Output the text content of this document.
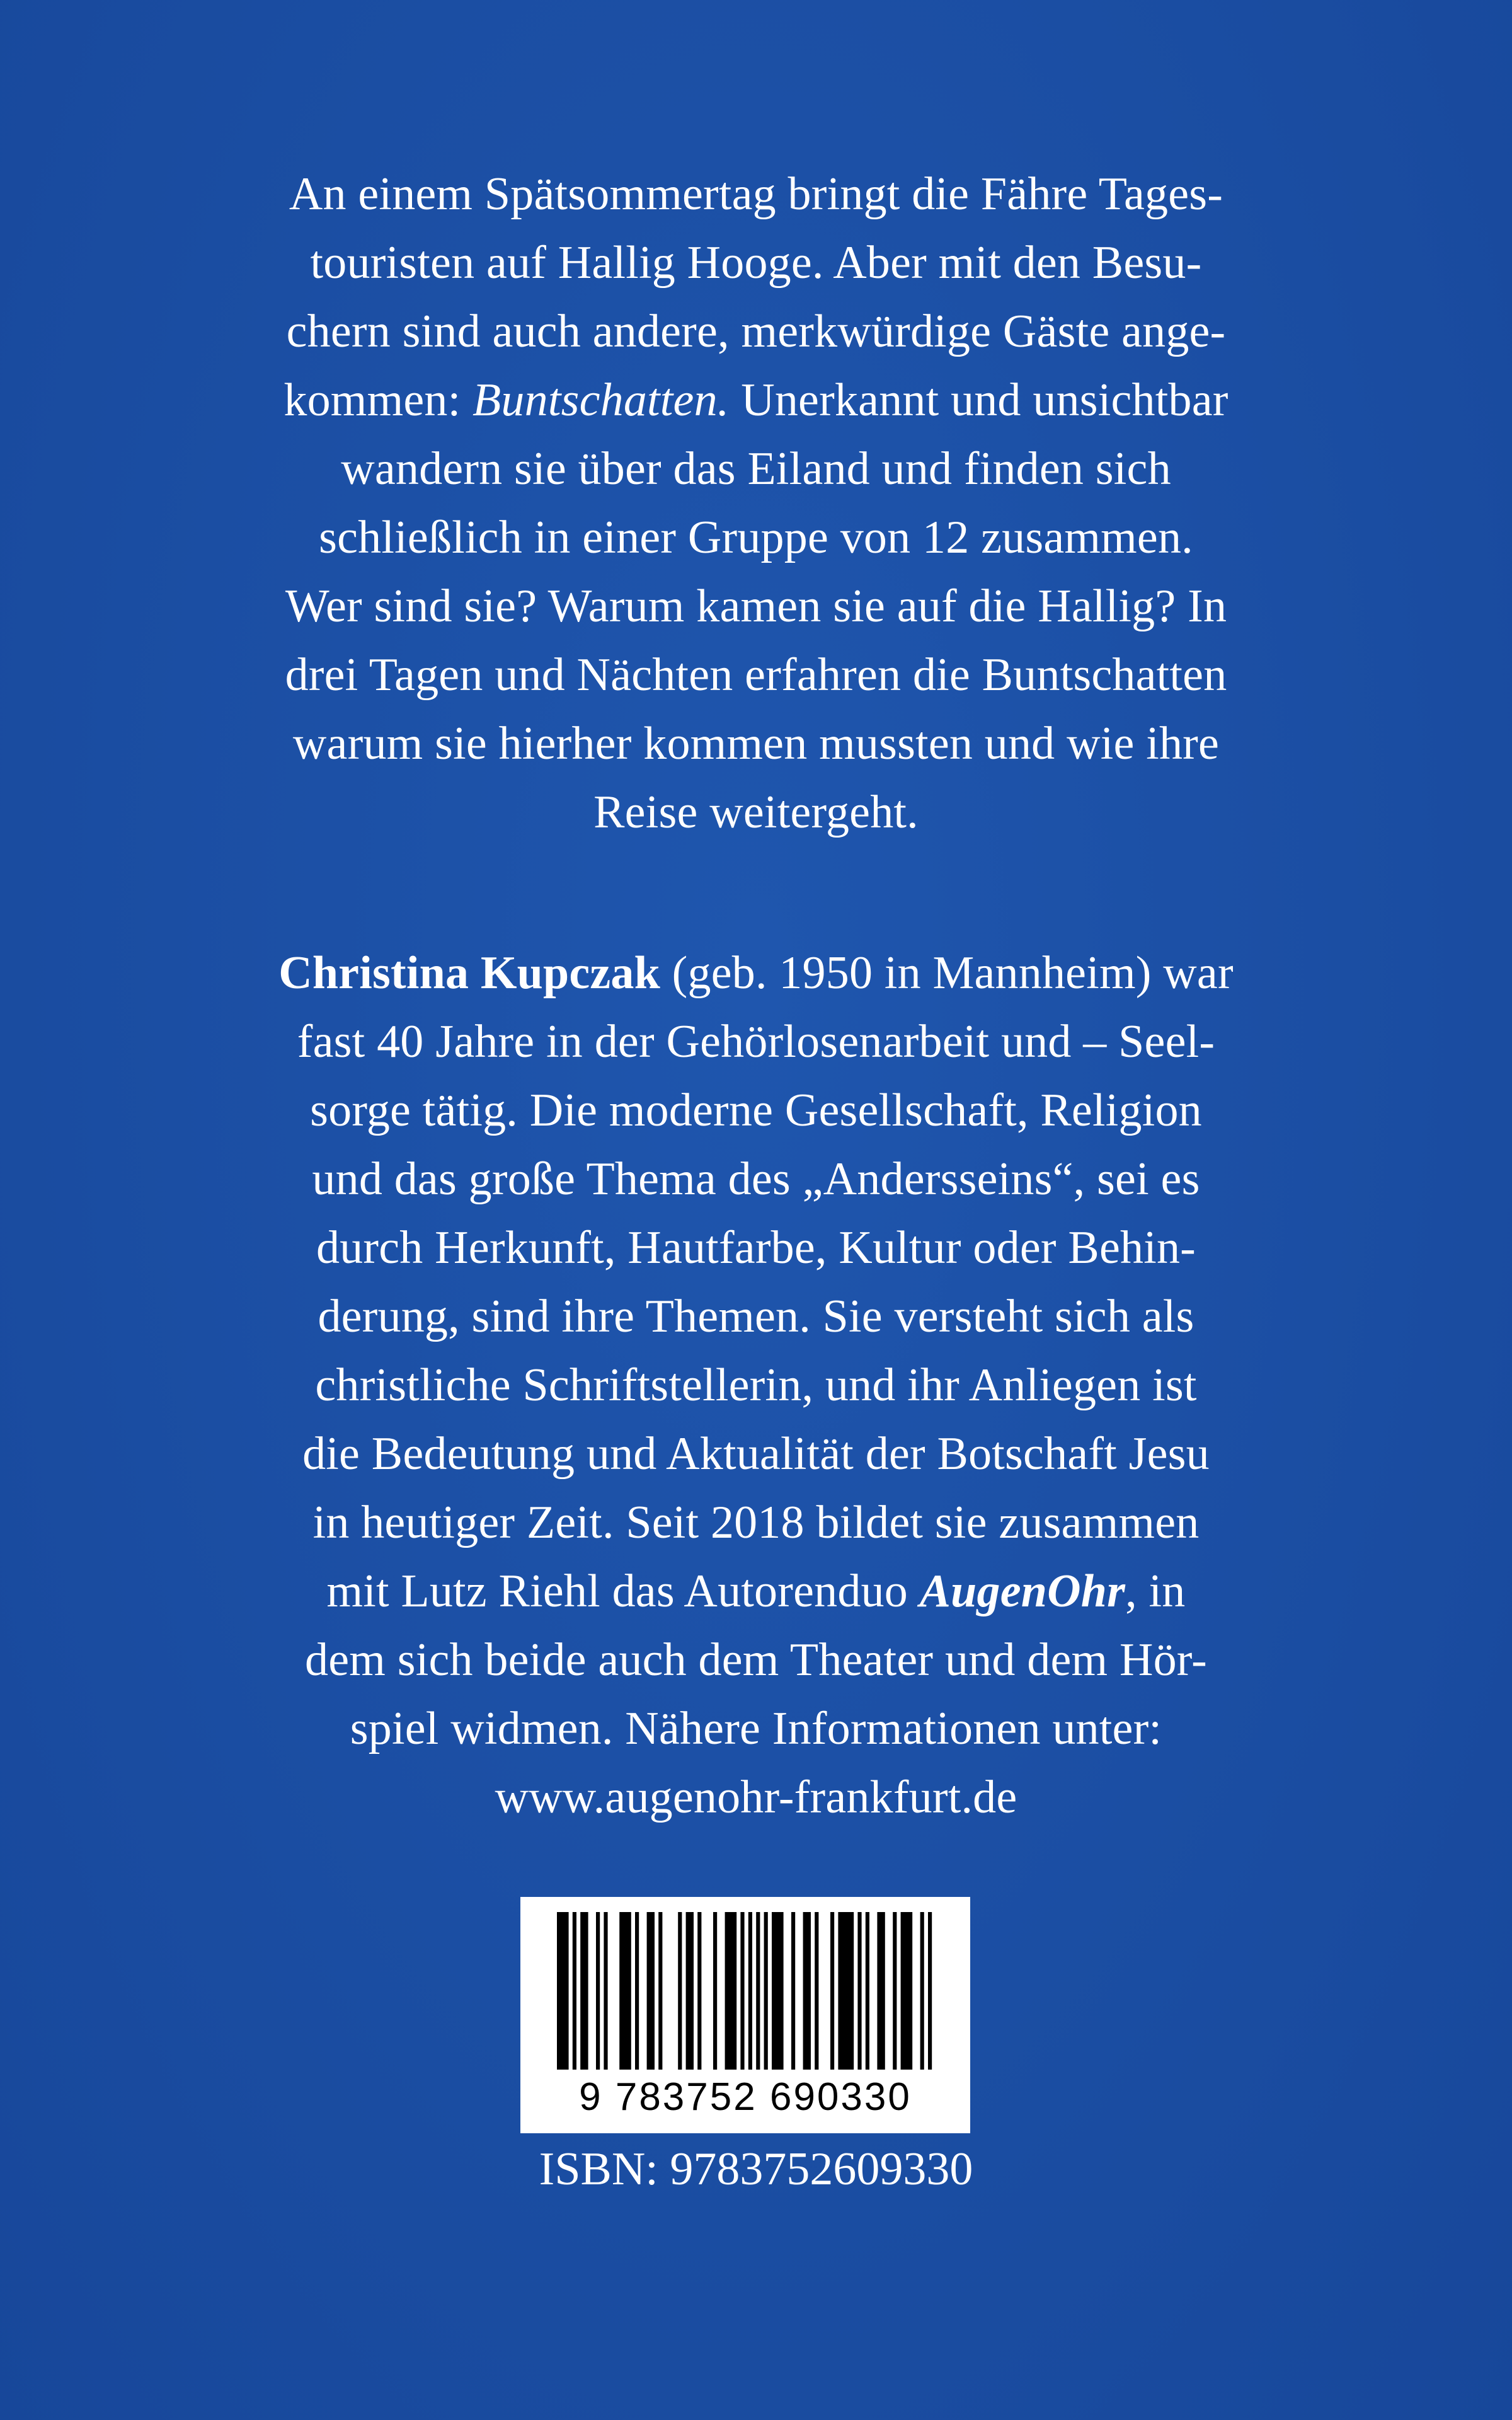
An einem Spätsommertag bringt die Fähre Tages-
touristen auf Hallig Hooge. Aber mit den Besu-
chern sind auch andere, merkwürdige Gäste ange-
kommen: Buntschatten. Unerkannt und unsichtbar
wandern sie über das Eiland und finden sich
schließlich in einer Gruppe von 12 zusammen.
Wer sind sie? Warum kamen sie auf die Hallig? In
drei Tagen und Nächten erfahren die Buntschatten
warum sie hierher kommen mussten und wie ihre
Reise weitergeht.
Christina Kupczak (geb. 1950 in Mannheim) war
fast 40 Jahre in der Gehörlosenarbeit und – Seel-
sorge tätig. Die moderne Gesellschaft, Religion
und das große Thema des „Andersseins“, sei es
durch Herkunft, Hautfarbe, Kultur oder Behin-
derung, sind ihre Themen. Sie versteht sich als
christliche Schriftstellerin, und ihr Anliegen ist
die Bedeutung und Aktualität der Botschaft Jesu
in heutiger Zeit. Seit 2018 bildet sie zusammen
mit Lutz Riehl das Autorenduo AugenOhr, in
dem sich beide auch dem Theater und dem Hör-
spiel widmen. Nähere Informationen unter:
www.augenohr-frankfurt.de
9 783752 690330
ISBN: 9783752609330
